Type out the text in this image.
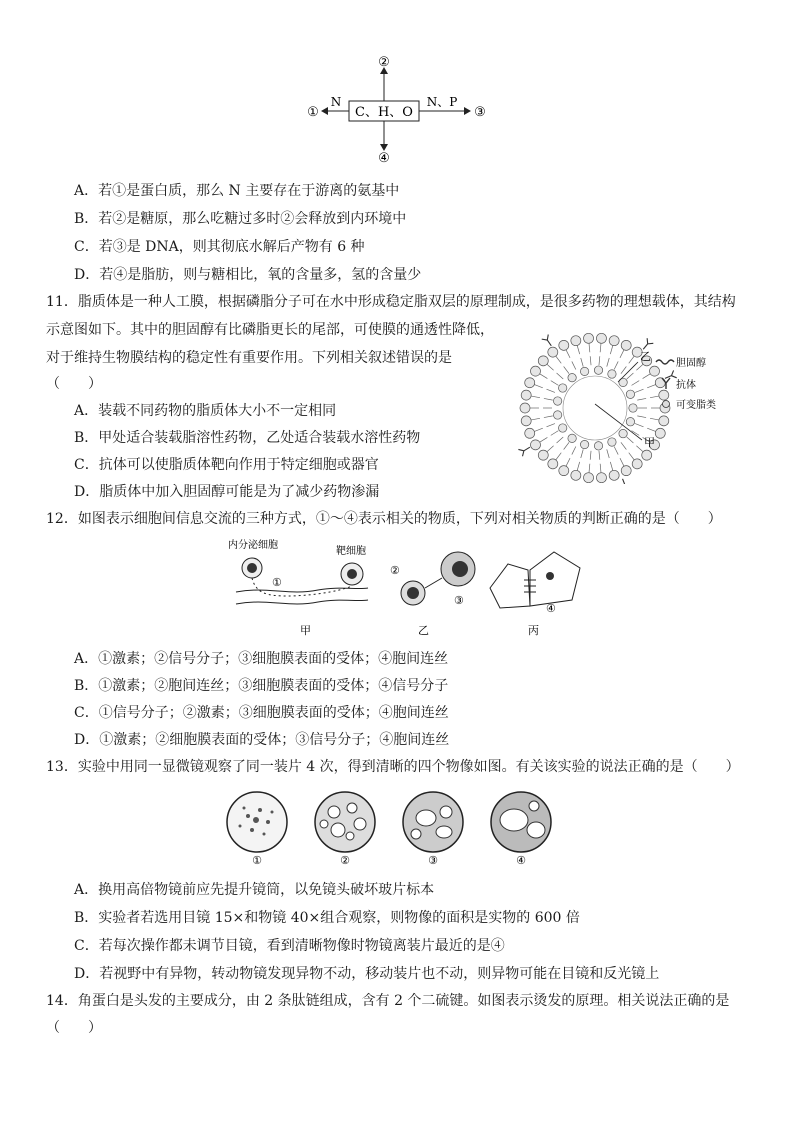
C、H、O
②
④
N
①
N、P
③
A．若①是蛋白质，那么 N 主要存在于游离的氨基中
B．若②是糖原，那么吃糖过多时②会释放到内环境中
C．若③是 DNA，则其彻底水解后产物有 6 种
D．若④是脂肪，则与糖相比，氧的含量多，氢的含量少
11．脂质体是一种人工膜，根据磷脂分子可在水中形成稳定脂双层的原理制成，是很多药物的理想载体，其结构
示意图如下。其中的胆固醇有比磷脂更长的尾部，可使膜的通透性降低，
对于维持生物膜结构的稳定性有重要作用。下列相关叙述错误的是
（　　）
A．装载不同药物的脂质体大小不一定相同
B．甲处适合装载脂溶性药物，乙处适合装载水溶性药物
C．抗体可以使脂质体靶向作用于特定细胞或器官
D．脂质体中加入胆固醇可能是为了减少药物渗漏
乙
甲
胆固醇
抗体
可变脂类
12．如图表示细胞间信息交流的三种方式，①～④表示相关的物质，下列对相关物质的判断正确的是（　　）
内分泌细胞
靶细胞
①
甲
②
③
乙
④
丙
A．①激素；②信号分子；③细胞膜表面的受体；④胞间连丝
B．①激素；②胞间连丝；③细胞膜表面的受体；④信号分子
C．①信号分子；②激素；③细胞膜表面的受体；④胞间连丝
D．①激素；②细胞膜表面的受体；③信号分子；④胞间连丝
13．实验中用同一显微镜观察了同一装片 4 次，得到清晰的四个物像如图。有关该实验的说法正确的是（　　）
①	②	③	④
A．换用高倍物镜前应先提升镜筒，以免镜头破坏玻片标本
B．实验者若选用目镜 15×和物镜 40×组合观察，则物像的面积是实物的 600 倍
C．若每次操作都未调节目镜，看到清晰物像时物镜离装片最近的是④
D．若视野中有异物，转动物镜发现异物不动，移动装片也不动，则异物可能在目镜和反光镜上
14．角蛋白是头发的主要成分，由 2 条肽链组成，含有 2 个二硫键。如图表示烫发的原理。相关说法正确的是
（　　）
